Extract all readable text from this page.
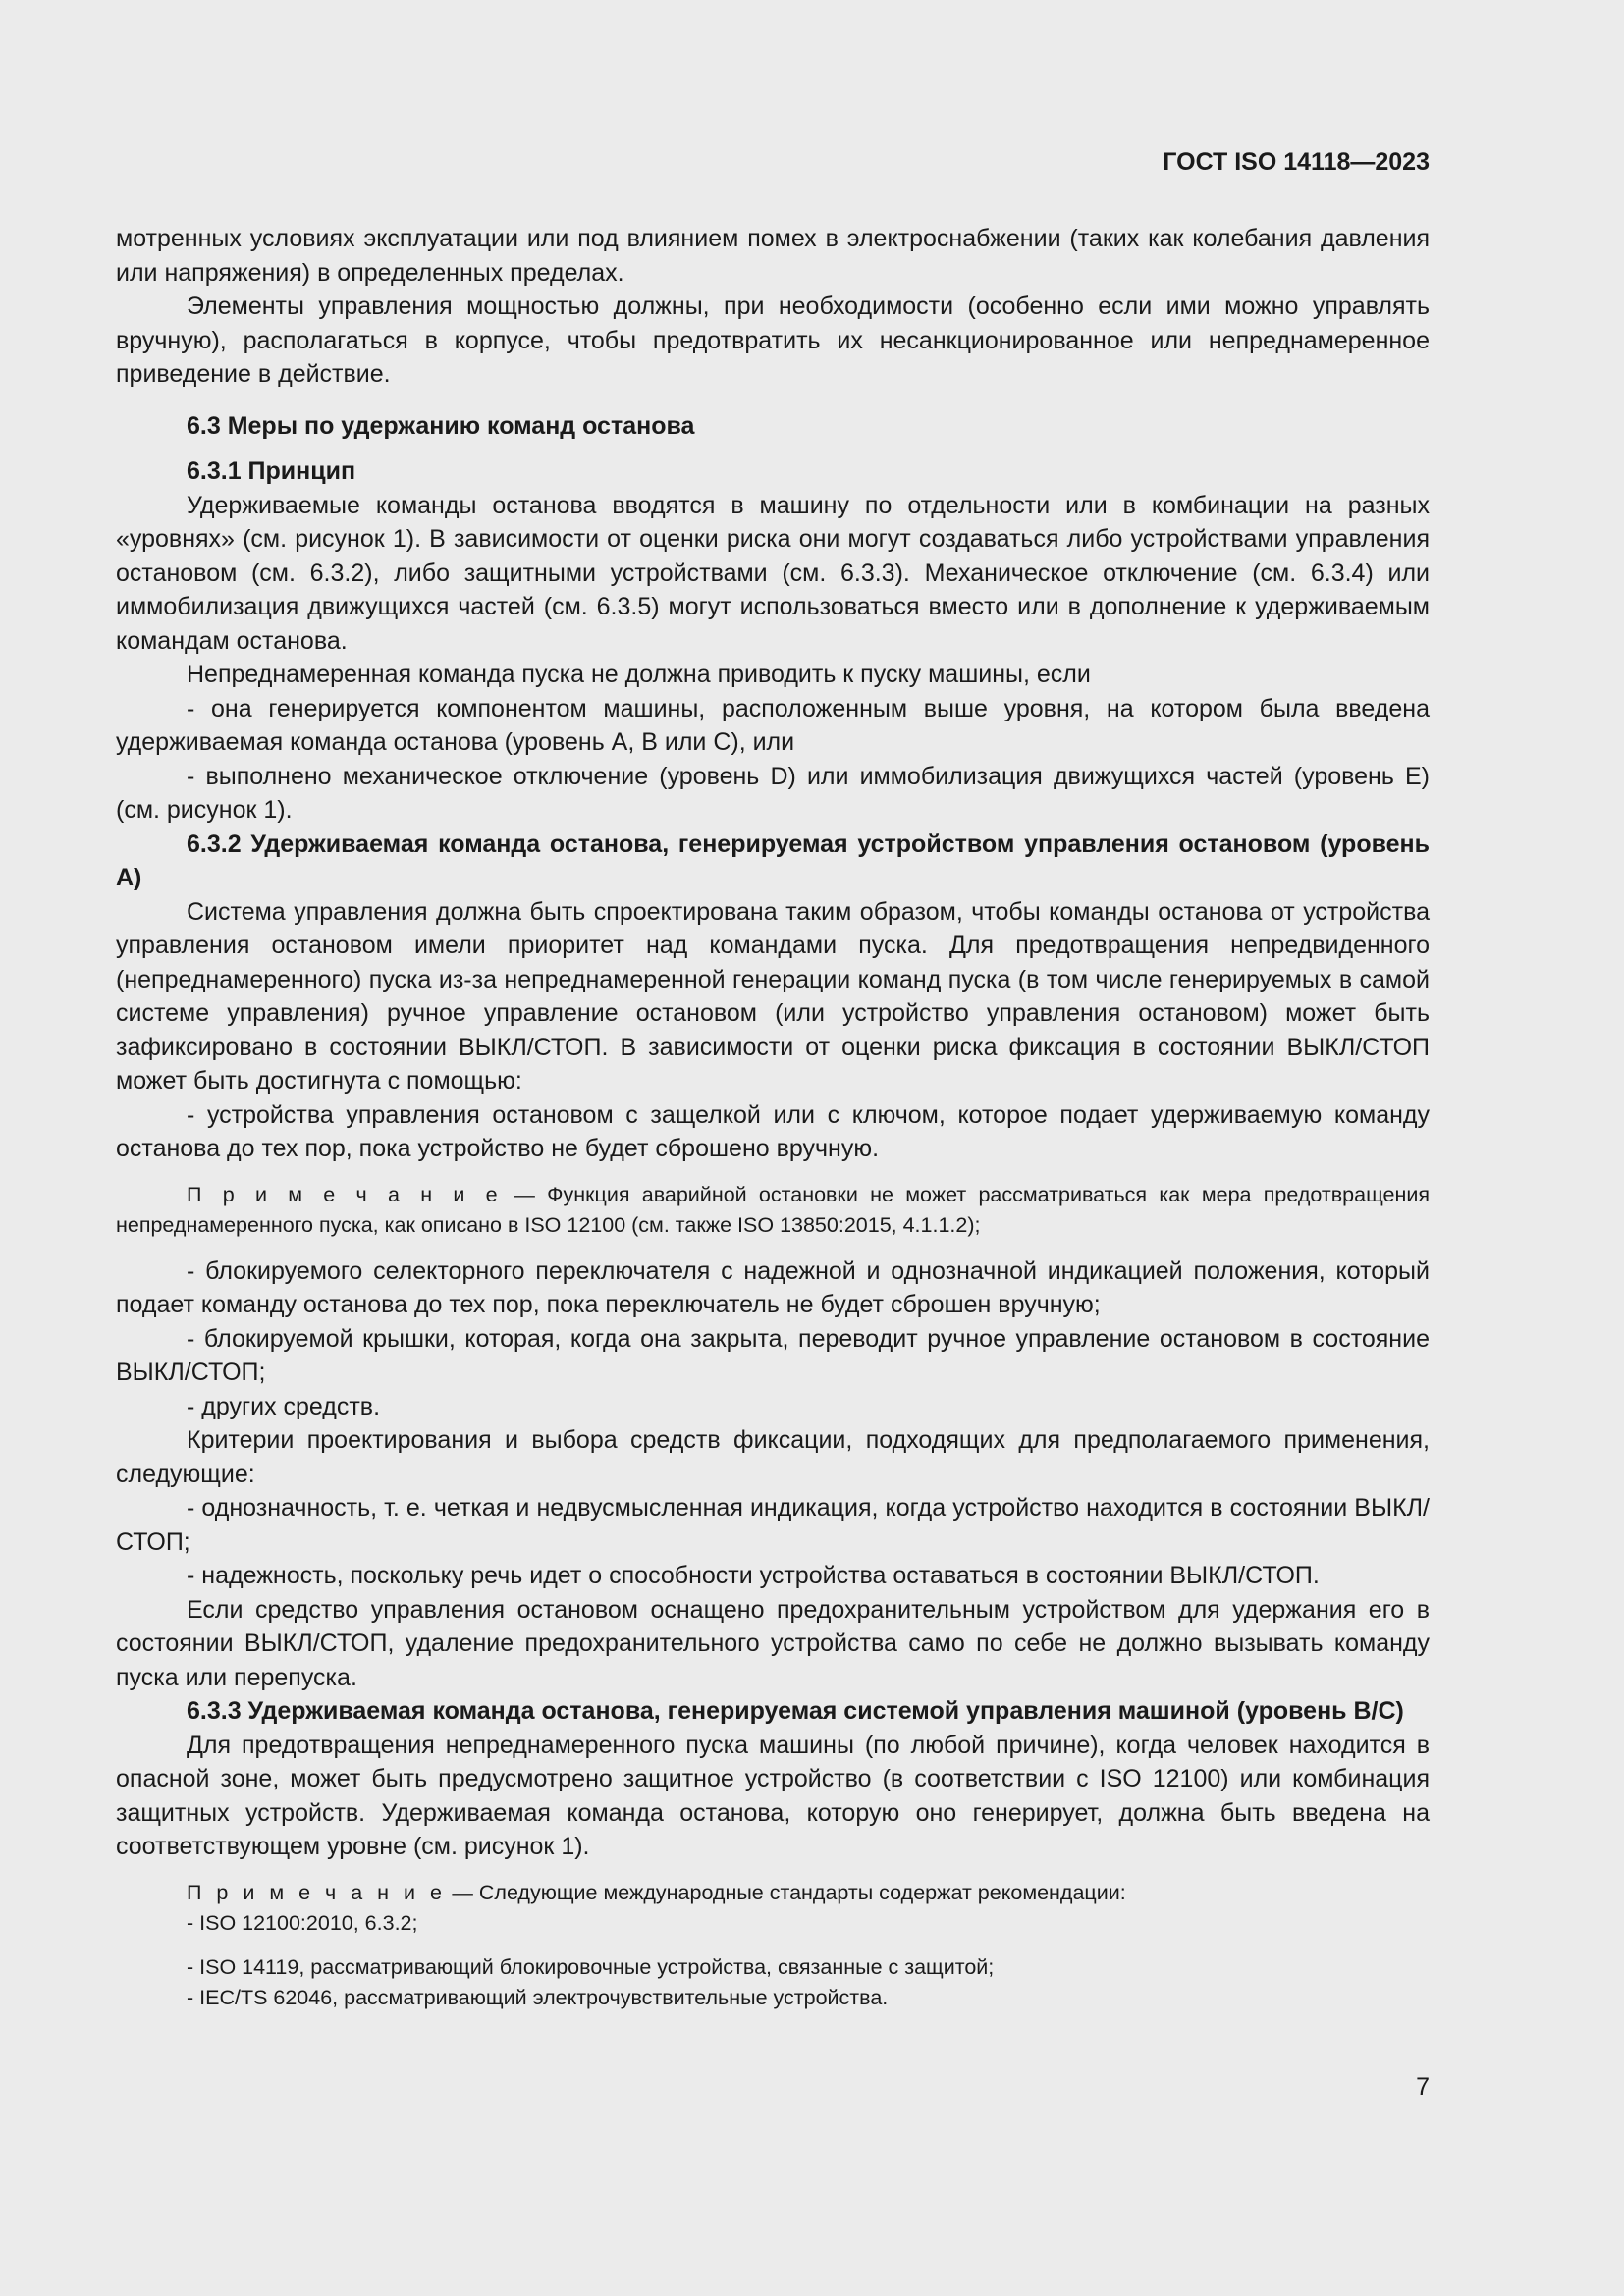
ГОСТ ISO 14118—2023

мотренных условиях эксплуатации или под влиянием помех в электроснабжении (таких как колебания давления или напряжения) в определенных пределах.

Элементы управления мощностью должны, при необходимости (особенно если ими можно управлять вручную), располагаться в корпусе, чтобы предотвратить их несанкционированное или непреднамеренное приведение в действие.

6.3 Меры по удержанию команд останова

6.3.1 Принцип

Удерживаемые команды останова вводятся в машину по отдельности или в комбинации на разных «уровнях» (см. рисунок 1). В зависимости от оценки риска они могут создаваться либо устройствами управления остановом (см. 6.3.2), либо защитными устройствами (см. 6.3.3). Механическое отключение (см. 6.3.4) или иммобилизация движущихся частей (см. 6.3.5) могут использоваться вместо или в дополнение к удерживаемым командам останова.

Непреднамеренная команда пуска не должна приводить к пуску машины, если

- она генерируется компонентом машины, расположенным выше уровня, на котором была введена удерживаемая команда останова (уровень A, B или C), или

- выполнено механическое отключение (уровень D) или иммобилизация движущихся частей (уровень E) (см. рисунок 1).

6.3.2 Удерживаемая команда останова, генерируемая устройством управления остановом (уровень A)

Система управления должна быть спроектирована таким образом, чтобы команды останова от устройства управления остановом имели приоритет над командами пуска. Для предотвращения непредвиденного (непреднамеренного) пуска из-за непреднамеренной генерации команд пуска (в том числе генерируемых в самой системе управления) ручное управление остановом (или устройство управления остановом) может быть зафиксировано в состоянии ВЫКЛ/СТОП. В зависимости от оценки риска фиксация в состоянии ВЫКЛ/СТОП может быть достигнута с помощью:

- устройства управления остановом с защелкой или с ключом, которое подает удерживаемую команду останова до тех пор, пока устройство не будет сброшено вручную.

П р и м е ч а н и е — Функция аварийной остановки не может рассматриваться как мера предотвращения непреднамеренного пуска, как описано в ISO 12100 (см. также ISO 13850:2015, 4.1.1.2);

- блокируемого селекторного переключателя с надежной и однозначной индикацией положения, который подает команду останова до тех пор, пока переключатель не будет сброшен вручную;

- блокируемой крышки, которая, когда она закрыта, переводит ручное управление остановом в состояние ВЫКЛ/СТОП;

- других средств.

Критерии проектирования и выбора средств фиксации, подходящих для предполагаемого применения, следующие:

- однозначность, т. е. четкая и недвусмысленная индикация, когда устройство находится в состоянии ВЫКЛ/СТОП;

- надежность, поскольку речь идет о способности устройства оставаться в состоянии ВЫКЛ/СТОП.

Если средство управления остановом оснащено предохранительным устройством для удержания его в состоянии ВЫКЛ/СТОП, удаление предохранительного устройства само по себе не должно вызывать команду пуска или перепуска.

6.3.3 Удерживаемая команда останова, генерируемая системой управления машиной (уровень B/C)

Для предотвращения непреднамеренного пуска машины (по любой причине), когда человек находится в опасной зоне, может быть предусмотрено защитное устройство (в соответствии с ISO 12100) или комбинация защитных устройств. Удерживаемая команда останова, которую оно генерирует, должна быть введена на соответствующем уровне (см. рисунок 1).

П р и м е ч а н и е — Следующие международные стандарты содержат рекомендации:

- ISO 12100:2010, 6.3.2;

- ISO 14119, рассматривающий блокировочные устройства, связанные с защитой;

- IEC/TS 62046, рассматривающий электрочувствительные устройства.

7
